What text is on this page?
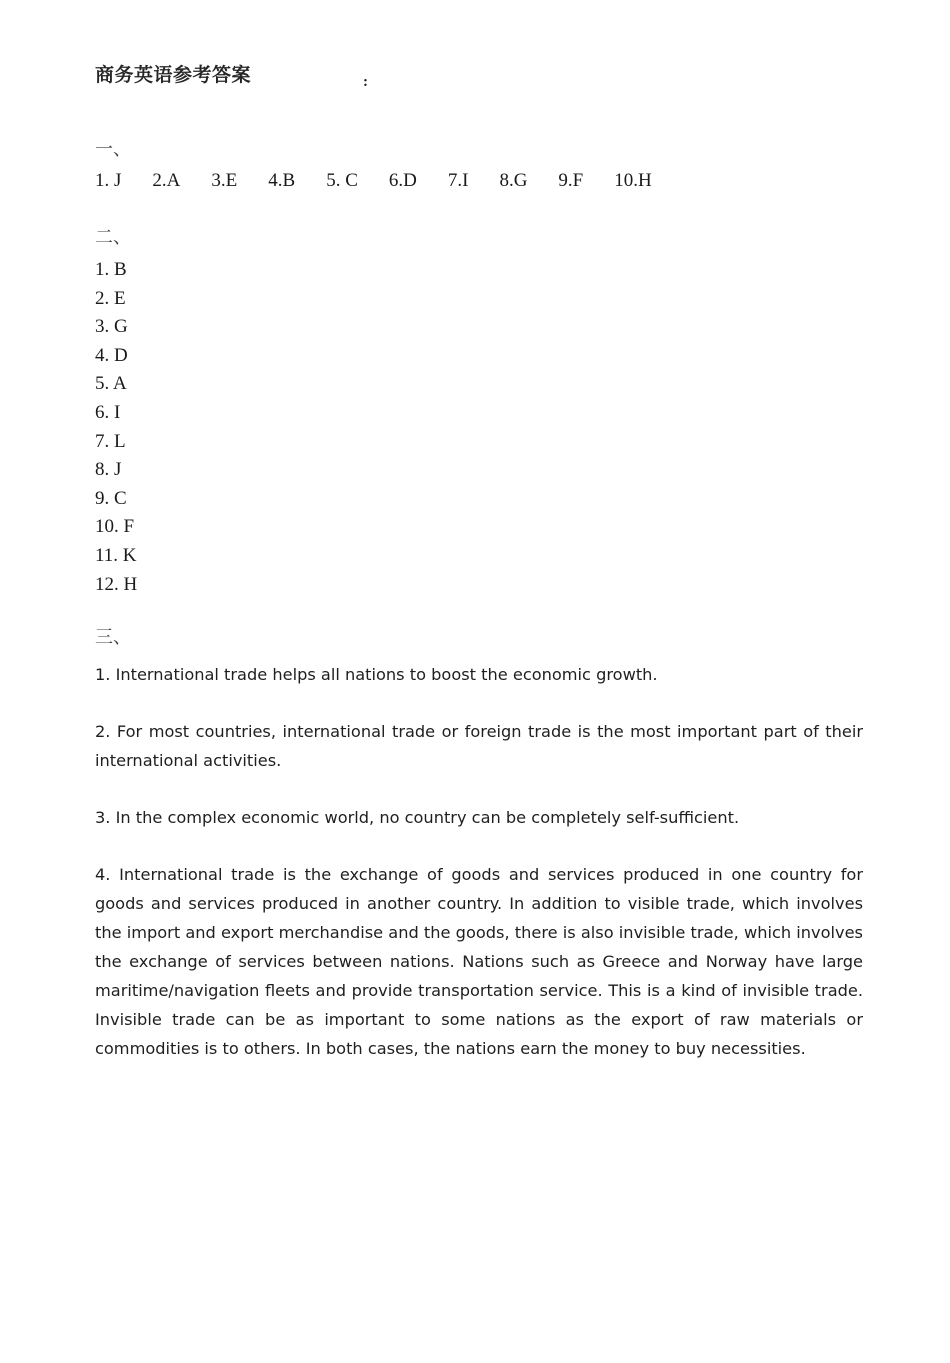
商务英语参考答案	:
一、
1. J 2.A 3.E 4.B 5. C 6.D 7.I 8.G 9.F 10.H
二、
1. B
2. E
3. G
4. D
5. A
6. I
7. L
8. J
9. C
10. F
11. K
12. H
三、

1. International trade helps all nations to boost the economic growth.

2. For most countries, international trade or foreign trade is the most important part of their international activities.

3. In the complex economic world, no country can be completely self-sufficient.

4. International trade is the exchange of goods and services produced in one country for goods and services produced in another country. In addition to visible trade, which involves the import and export merchandise and the goods, there is also invisible trade, which involves the exchange of services between nations. Nations such as Greece and Norway have large maritime/navigation fleets and provide transportation service. This is a kind of invisible trade. Invisible trade can be as important to some nations as the export of raw materials or commodities is to others. In both cases, the nations earn the money to buy necessities.
